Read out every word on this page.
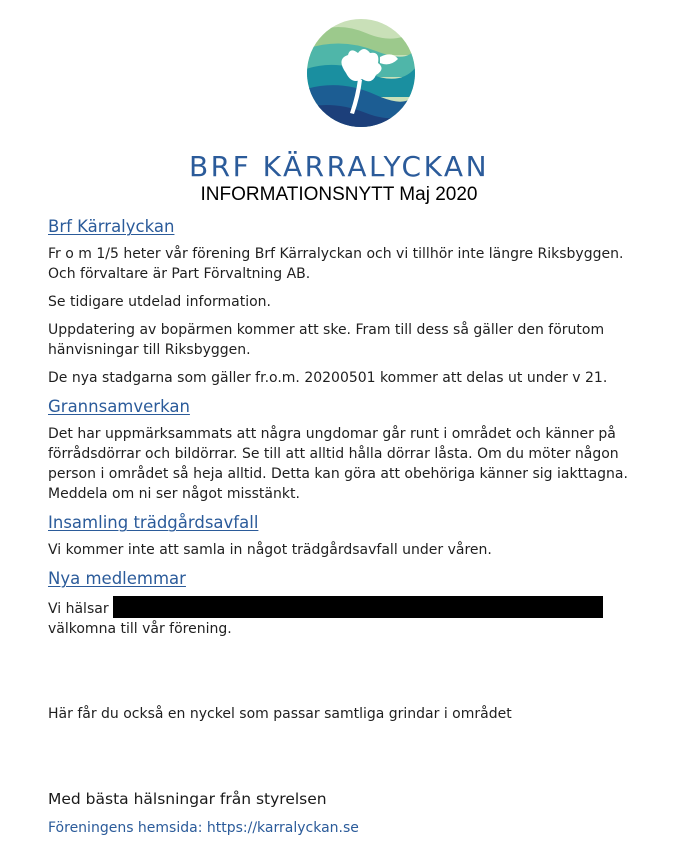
BRF KÄRRALYCKAN
INFORMATIONSNYTT Maj 2020
Brf Kärralyckan

Fr o m 1/5 heter vår förening Brf Kärralyckan och vi tillhör inte längre Riksbyggen. Och förvaltare är Part Förvaltning AB.

Se tidigare utdelad information.

Uppdatering av bopärmen kommer att ske. Fram till dess så gäller den förutom hänvisningar till Riksbyggen.

De nya stadgarna som gäller fr.o.m. 20200501 kommer att delas ut under v 21.

Grannsamverkan

Det har uppmärksammats att några ungdomar går runt i området och känner på förrådsdörrar och bildörrar. Se till att alltid hålla dörrar låsta. Om du möter någon person i området så heja alltid. Detta kan göra att obehöriga känner sig iakttagna. Meddela om ni ser något misstänkt.

Insamling trädgårdsavfall

Vi kommer inte att samla in något trädgårdsavfall under våren.

Nya medlemmar

Vi hälsar
välkomna till vår förening.

Här får du också en nyckel som passar samtliga grindar i området

Med bästa hälsningar från styrelsen
Föreningens hemsida: https://karralyckan.se
